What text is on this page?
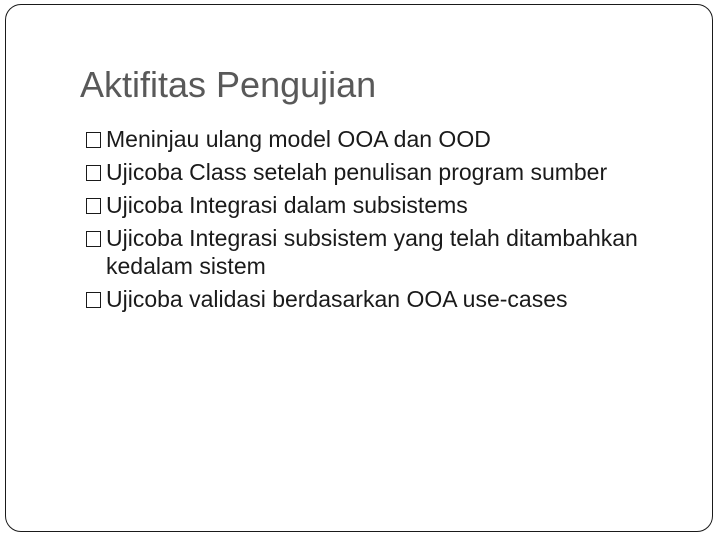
Aktifitas Pengujian
Meninjau ulang model OOA dan OOD
Ujicoba Class setelah penulisan program sumber
Ujicoba Integrasi dalam subsistems
Ujicoba Integrasi subsistem yang telah ditambahkan kedalam sistem
Ujicoba validasi berdasarkan OOA use-cases
